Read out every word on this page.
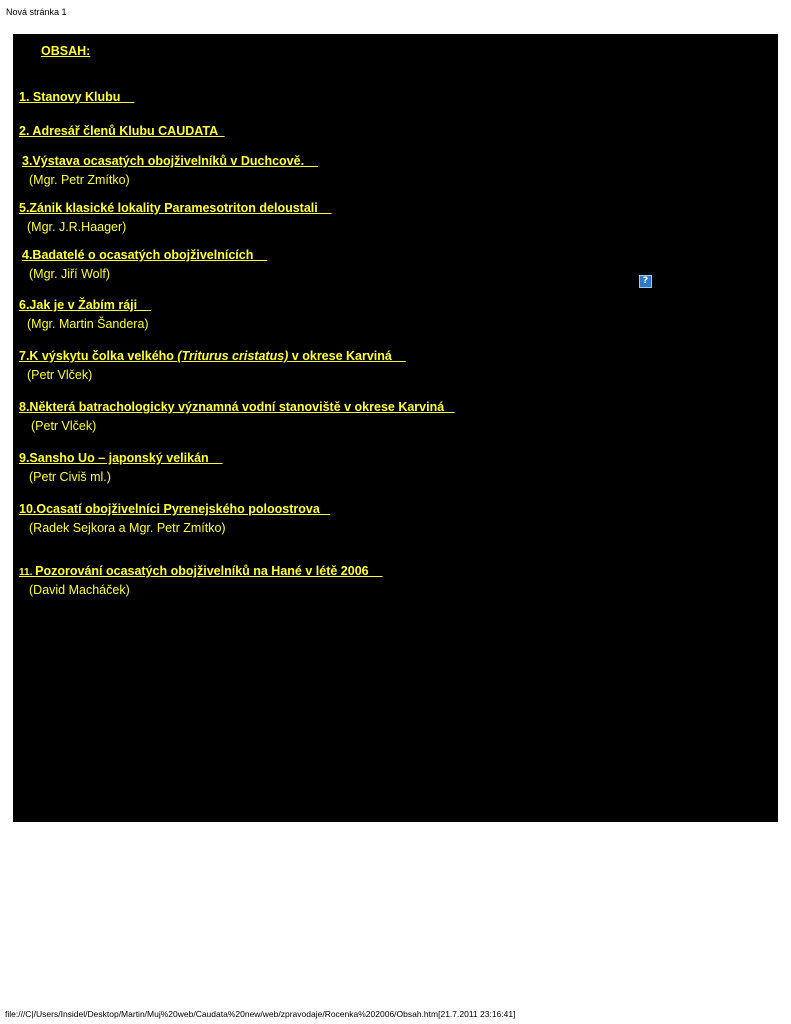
Nová stránka 1
OBSAH:
1. Stanovy Klubu
2. Adresář členů Klubu CAUDATA
3.Výstava ocasatých obojživelníků v Duchcově.
(Mgr. Petr Zmítko)
5.Zánik klasické lokality Paramesotriton deloustali
(Mgr. J.R.Haager)
4.Badatelé o ocasatých obojživelnících
(Mgr. Jiří Wolf)	?
6.Jak je v Žabím ráji
(Mgr. Martin Šandera)
7.K výskytu čolka velkého (Triturus cristatus) v okrese Karviná
(Petr Vlček)
8.Některá batrachologicky významná vodní stanoviště v okrese Karviná
(Petr Vlček)
9.Sansho Uo – japonský velikán
(Petr Civiš ml.)
10.Ocasatí obojživelníci Pyrenejského poloostrova
(Radek Sejkora a Mgr. Petr Zmítko)
11. Pozorování ocasatých obojživelníků na Hané v létě 2006
(David Macháček)
file:///C|/Users/Insidel/Desktop/Martin/Muj%20web/Caudata%20new/web/zpravodaje/Rocenka%202006/Obsah.htm[21.7.2011 23:16:41]
